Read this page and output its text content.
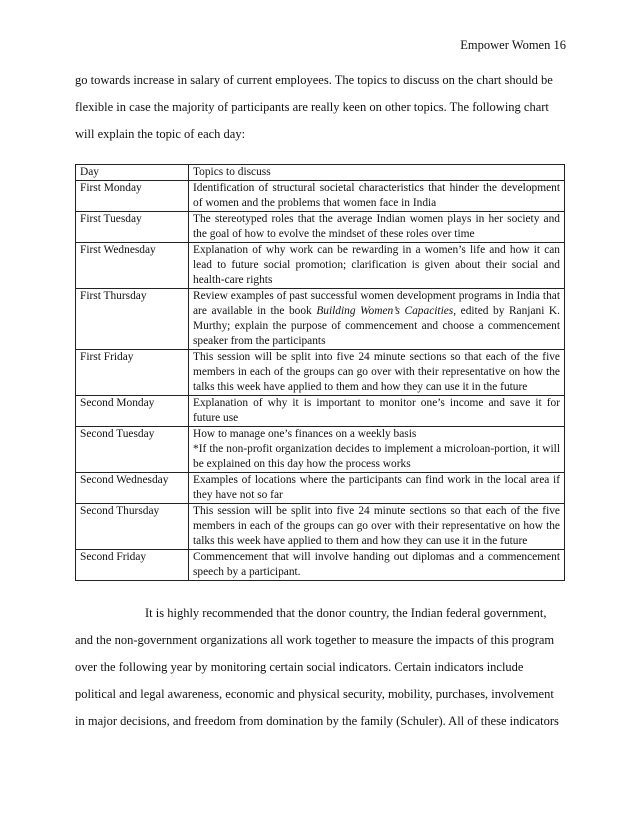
Empower Women 16
go towards increase in salary of current employees. The topics to discuss on the chart should be
flexible in case the majority of participants are really keen on other topics. The following chart
will explain the topic of each day:
Day	Topics to discuss
First Monday	Identification of structural societal characteristics that hinder the development of women and the problems that women face in India
First Tuesday	The stereotyped roles that the average Indian women plays in her society and the goal of how to evolve the mindset of these roles over time
First Wednesday	Explanation of why work can be rewarding in a women’s life and how it can lead to future social promotion; clarification is given about their social and health-care rights
First Thursday	Review examples of past successful women development programs in India that are available in the book Building Women’s Capacities, edited by Ranjani K. Murthy; explain the purpose of commencement and choose a commencement speaker from the participants
First Friday	This session will be split into five 24 minute sections so that each of the five members in each of the groups can go over with their representative on how the talks this week have applied to them and how they can use it in the future
Second Monday	Explanation of why it is important to monitor one’s income and save it for future use
Second Tuesday	How to manage one’s finances on a weekly basis
*If the non-profit organization decides to implement a microloan-portion, it will be explained on this day how the process works

Second Wednesday	Examples of locations where the participants can find work in the local area if they have not so far
Second Thursday	This session will be split into five 24 minute sections so that each of the five members in each of the groups can go over with their representative on how the talks this week have applied to them and how they can use it in the future
Second Friday	Commencement that will involve handing out diplomas and a commencement speech by a participant.
It is highly recommended that the donor country, the Indian federal government,
and the non-government organizations all work together to measure the impacts of this program
over the following year by monitoring certain social indicators. Certain indicators include
political and legal awareness, economic and physical security, mobility, purchases, involvement
in major decisions, and freedom from domination by the family (Schuler). All of these indicators
